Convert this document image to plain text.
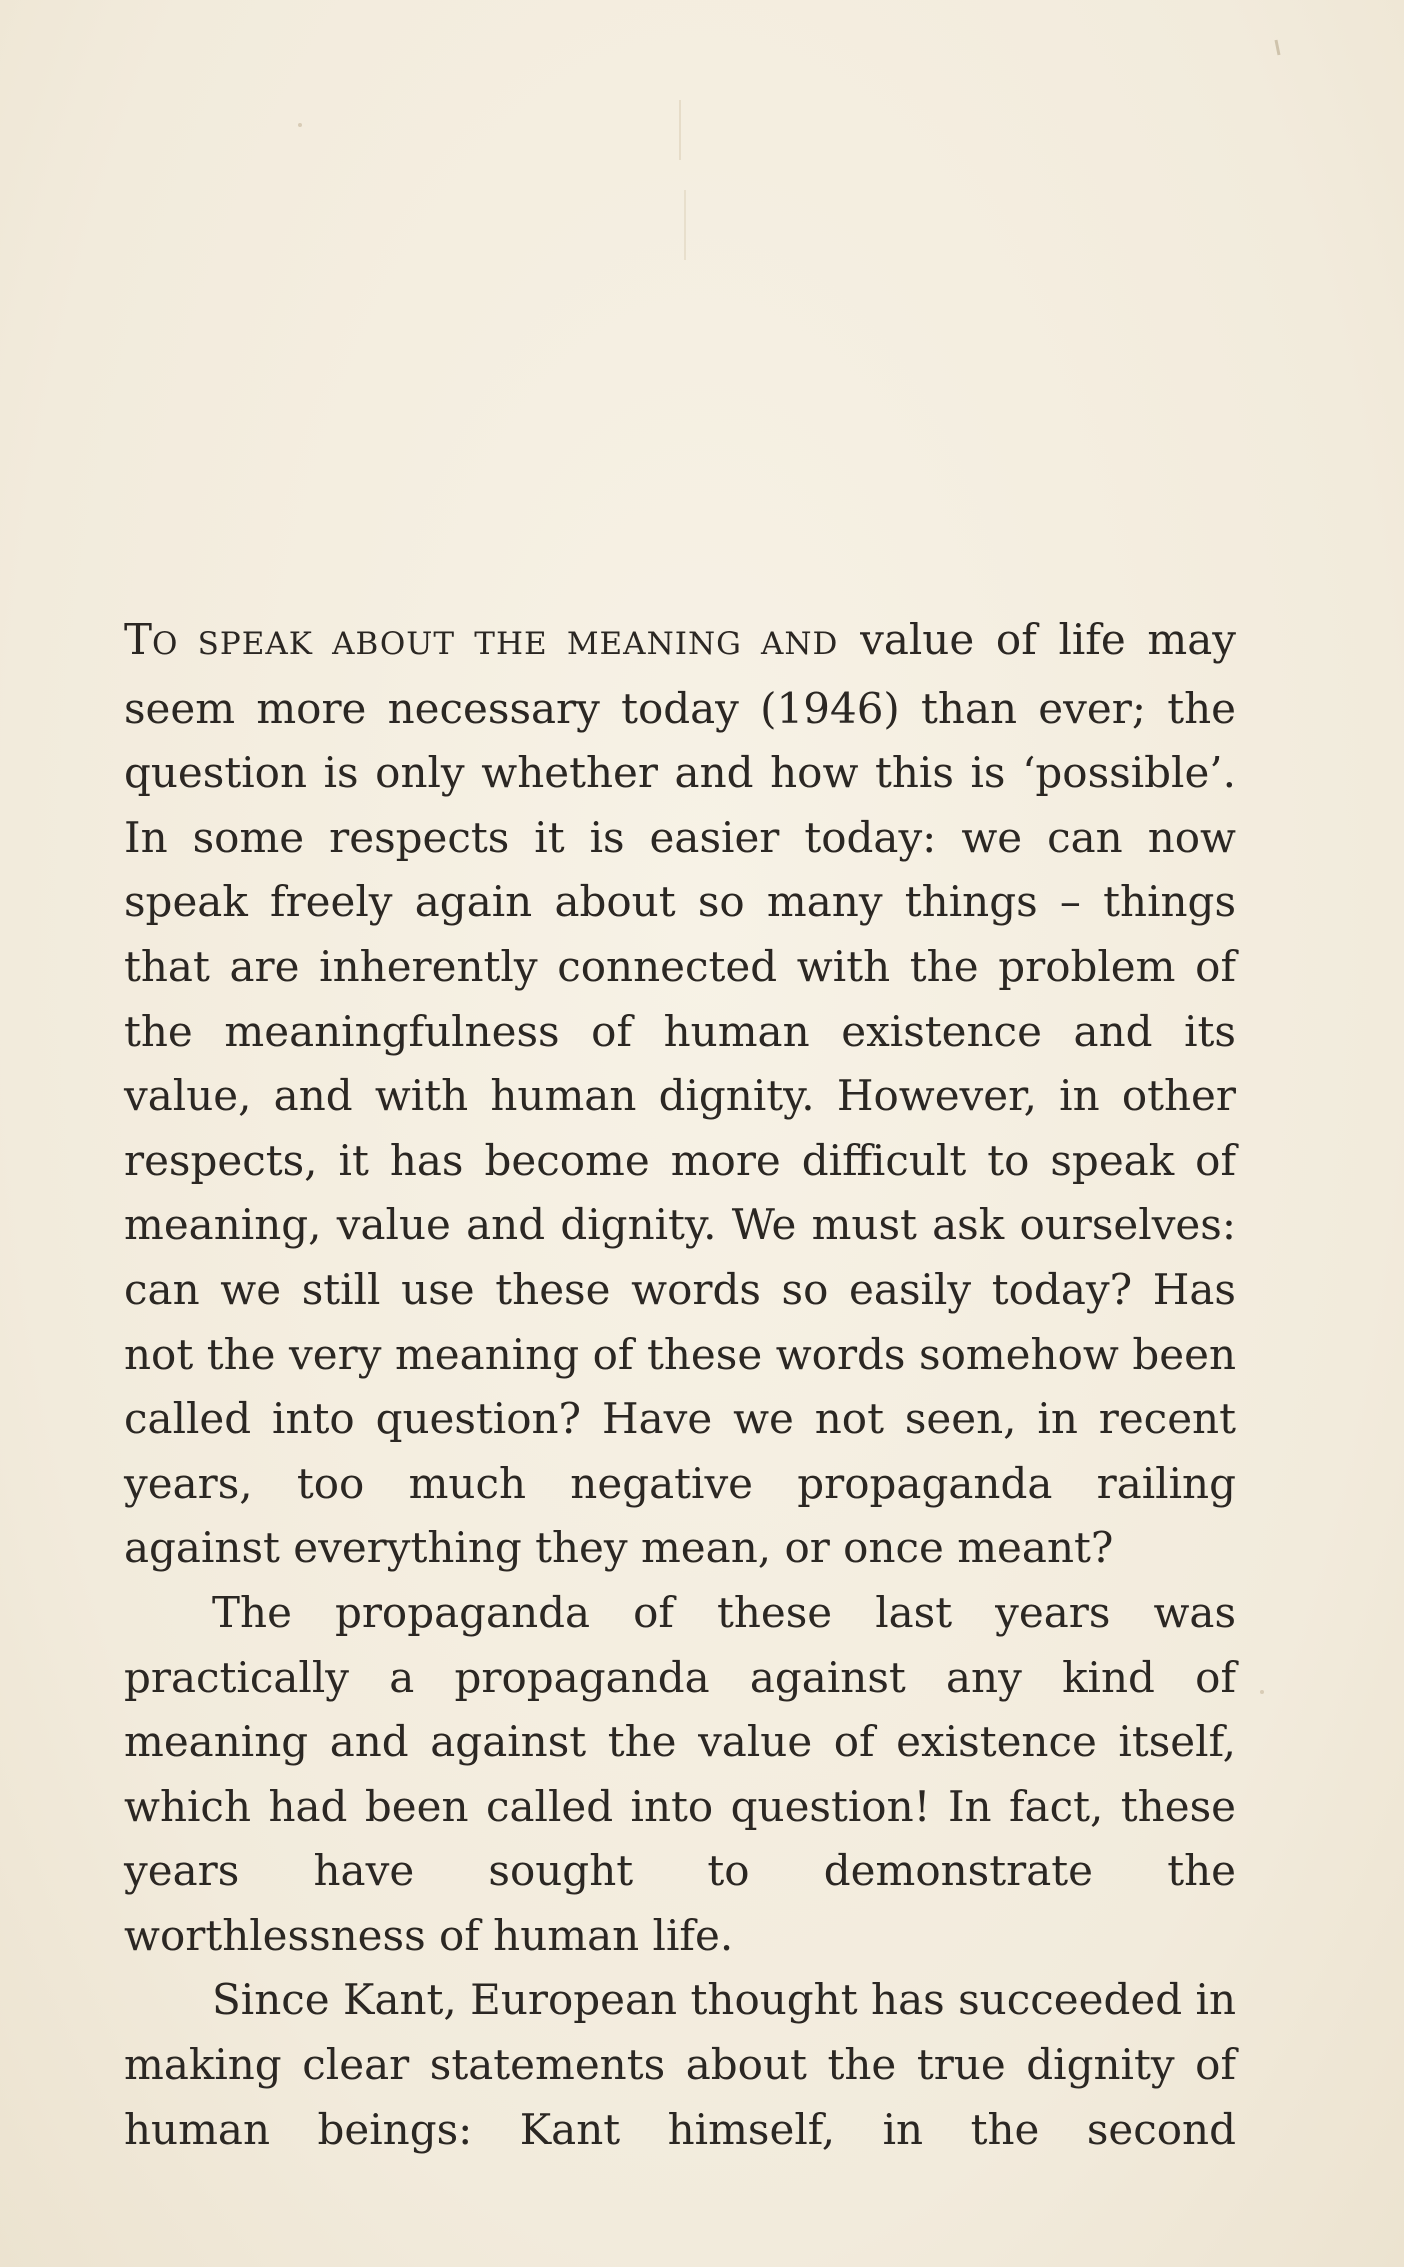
TO SPEAK ABOUT THE MEANING AND value of life may seem more necessary today (1946) than ever; the question is only whether and how this is ‘possible’. In some respects it is easier today: we can now speak freely again about so many things – things that are inherently connected with the problem of the meaningfulness of human existence and its value, and with human dignity. However, in other respects, it has become more difficult to speak of meaning, value and dignity. We must ask ourselves: can we still use these words so easily today? Has not the very meaning of these words somehow been called into question? Have we not seen, in recent years, too much negative propaganda railing against everything they mean, or once meant?

The propaganda of these last years was practically a propaganda against any kind of meaning and against the value of existence itself, which had been called into question! In fact, these years have sought to demonstrate the worthlessness of human life.

Since Kant, European thought has succeeded in making clear statements about the true dignity of human beings: Kant himself, in the second
